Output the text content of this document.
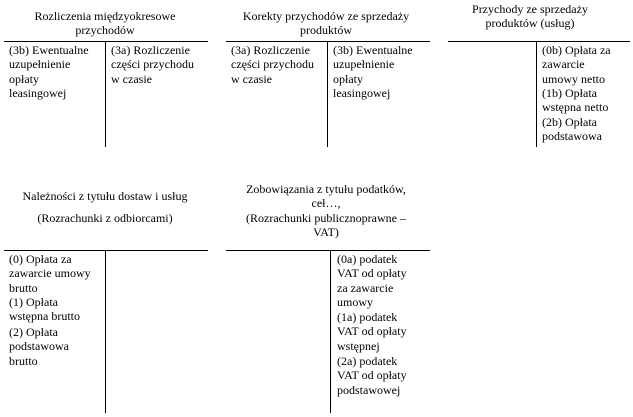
Rozliczenia międzyokresowe
przychodów
(3b) Ewentualne
uzupełnienie
opłaty
leasingowej
(3a) Rozliczenie
części przychodu
w czasie
Korekty przychodów ze sprzedaży
produktów
(3a) Rozliczenie
części przychodu
w czasie
(3b) Ewentualne
uzupełnienie
opłaty
leasingowej
Przychody ze sprzedaży
produktów (usług)
(0b) Opłata za
zawarcie
umowy netto
(1b) Opłata
wstępna netto
(2b) Opłata
podstawowa
Należności z tytułu dostaw i usług
(Rozrachunki z odbiorcami)
(0) Opłata za
zawarcie umowy
brutto
(1) Opłata
wstępna brutto
(2) Opłata
podstawowa
brutto
Zobowiązania z tytułu podatków,
ceł…,
(Rozrachunki publicznoprawne –
VAT)
(0a) podatek
VAT od opłaty
za zawarcie
umowy
(1a) podatek
VAT od opłaty
wstępnej
(2a) podatek
VAT od opłaty
podstawowej
